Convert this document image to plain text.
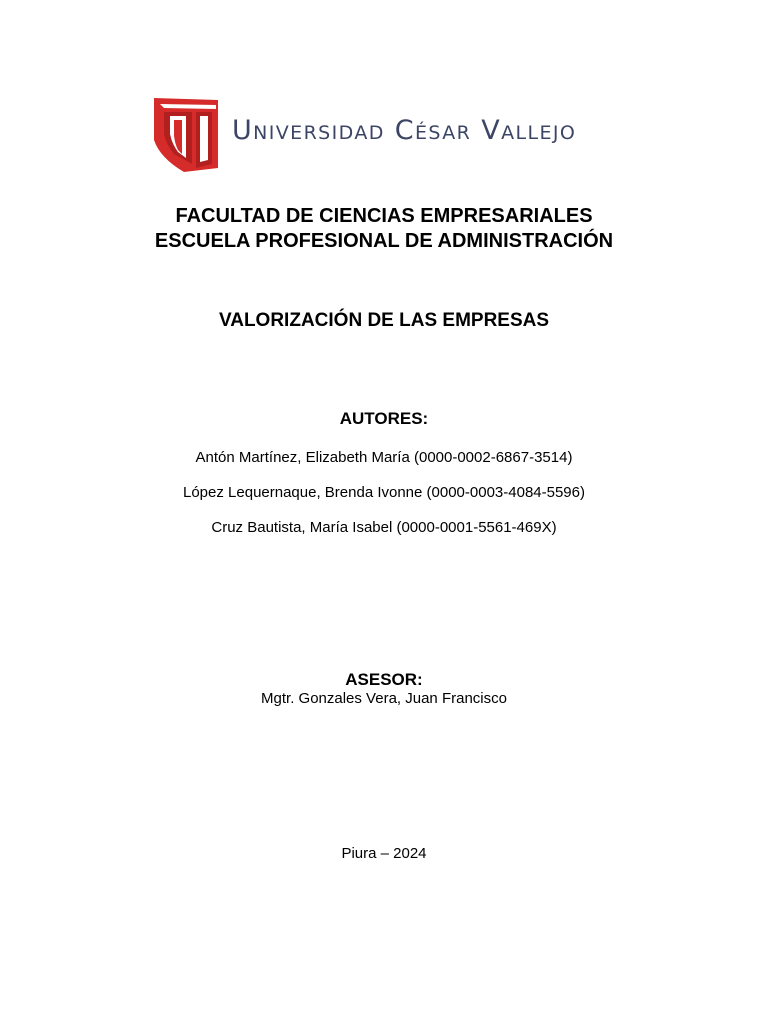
Universidad César Vallejo
FACULTAD DE CIENCIAS EMPRESARIALES
ESCUELA PROFESIONAL DE ADMINISTRACIÓN
VALORIZACIÓN DE LAS EMPRESAS
AUTORES:
Antón Martínez, Elizabeth María (0000-0002-6867-3514)
López Lequernaque, Brenda Ivonne (0000-0003-4084-5596)
Cruz Bautista, María Isabel (0000-0001-5561-469X)
ASESOR:
Mgtr. Gonzales Vera, Juan Francisco
Piura – 2024
